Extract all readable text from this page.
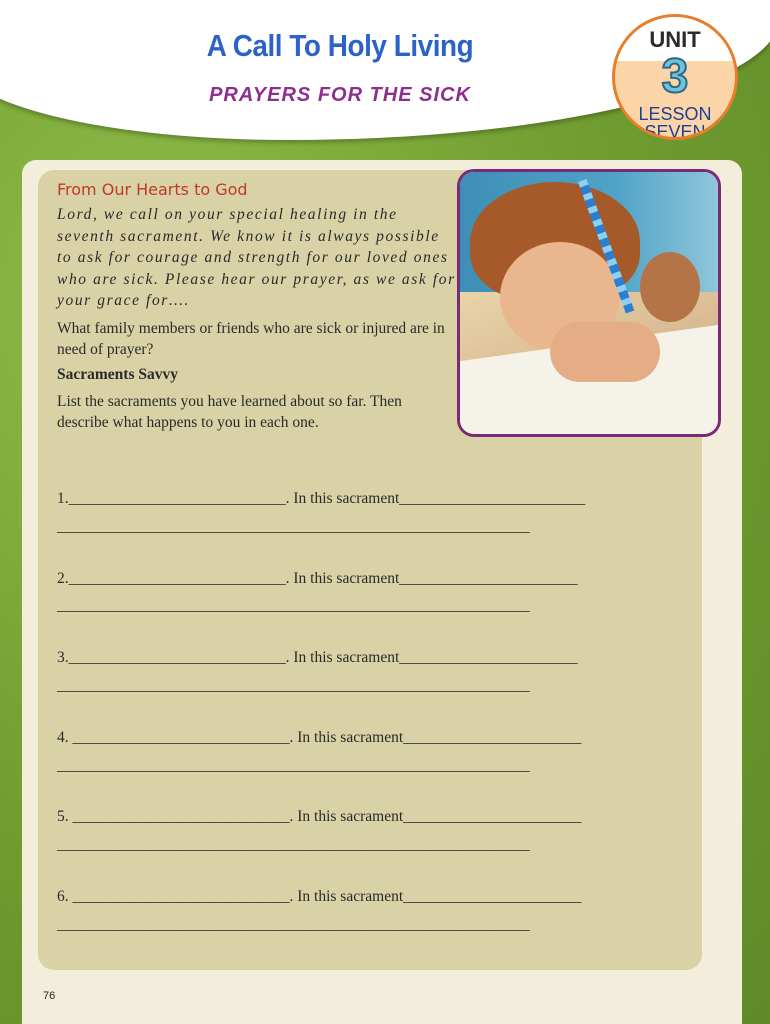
A Call To Holy Living
PRAYERS FOR THE SICK
UNIT
3
LESSON
SEVEN
From Our Hearts to God
Lord, we call on your special healing in the seventh sacrament. We know it is always possible to ask for courage and strength for our loved ones who are sick. Please hear our prayer, as we ask for your grace for….
What family members or friends who are sick or injured are in need of prayer?
Sacraments Savvy
List the sacraments you have learned about so far. Then describe what happens to you in each one.
1.____________________________. In this sacrament________________________
_____________________________________________________________
2.____________________________. In this sacrament_______________________
_____________________________________________________________
3.____________________________. In this sacrament_______________________
_____________________________________________________________
4. ____________________________. In this sacrament_______________________
_____________________________________________________________
5. ____________________________. In this sacrament_______________________
_____________________________________________________________
6. ____________________________. In this sacrament_______________________
_____________________________________________________________
76
